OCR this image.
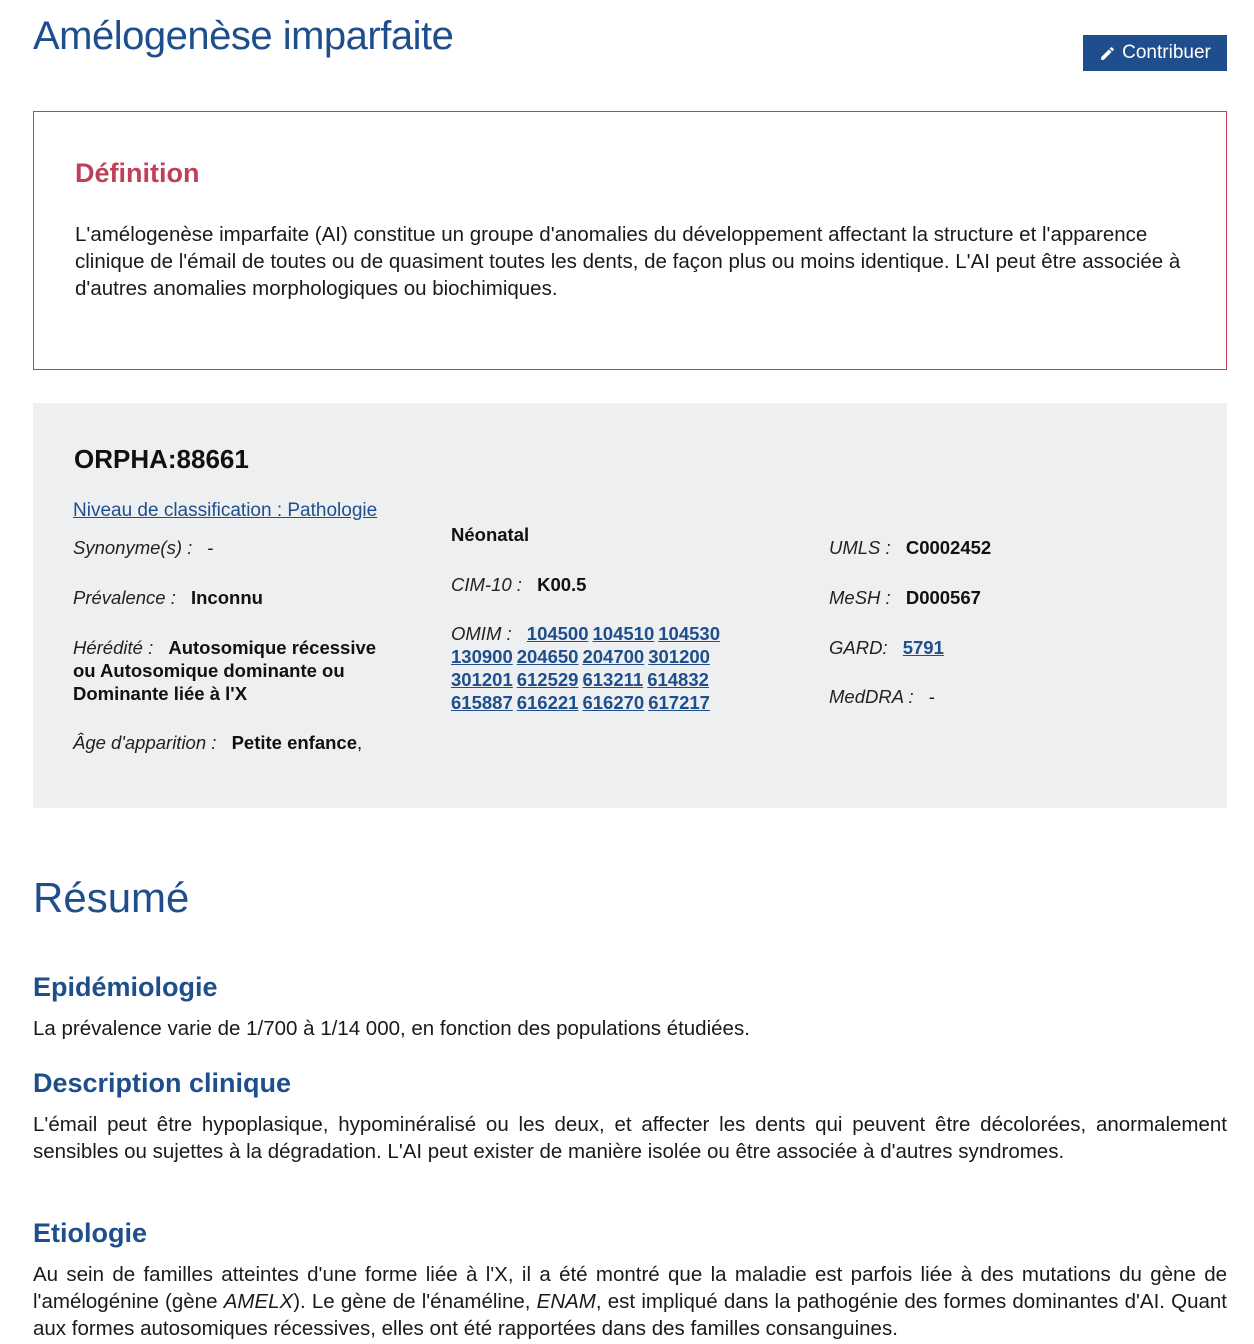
Amélogenèse imparfaite	Contribuer
Définition

L'amélogenèse imparfaite (AI) constitue un groupe d'anomalies du développement affectant la structure et l'apparence clinique de l'émail de toutes ou de quasiment toutes les dents, de façon plus ou moins identique. L'AI peut être associée à d'autres anomalies morphologiques ou biochimiques.

ORPHA:88661
Niveau de classification : Pathologie
Synonyme(s) : -
Prévalence : Inconnu
Hérédité : Autosomique récessive ou Autosomique dominante ou Dominante liée à l'X
Âge d'apparition : Petite enfance,
Néonatal
CIM-10 : K00.5
OMIM : 104500 104510 104530 130900 204650 204700 301200 301201 612529 613211 614832 615887 616221 616270 617217
UMLS : C0002452
MeSH : D000567
GARD: 5791
MedDRA : -
Résumé
Epidémiologie

La prévalence varie de 1/700 à 1/14 000, en fonction des populations étudiées.

Description clinique

L'émail peut être hypoplasique, hypominéralisé ou les deux, et affecter les dents qui peuvent être décolorées, anormalement sensibles ou sujettes à la dégradation. L'AI peut exister de manière isolée ou être associée à d'autres syndromes.

Etiologie

Au sein de familles atteintes d'une forme liée à l'X, il a été montré que la maladie est parfois liée à des mutations du gène de l'amélogénine (gène AMELX). Le gène de l'énaméline, ENAM, est impliqué dans la pathogénie des formes dominantes d'AI. Quant aux formes autosomiques récessives, elles ont été rapportées dans des familles consanguines.
